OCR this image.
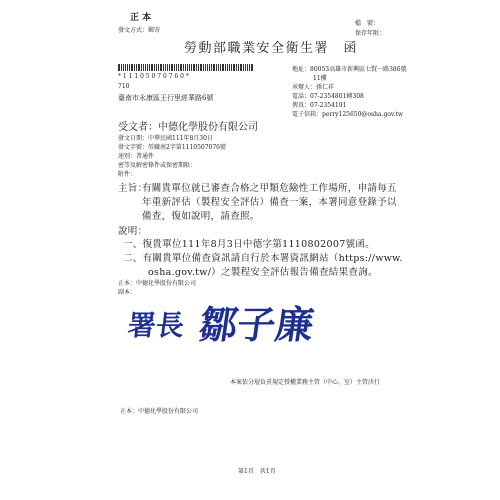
正 本
發文方式：郵寄
檔　號：
保存年限：
勞動部職業安全衛生署　函
* 1 1 1 0 5 0 7 0 7 6 0 *
710
臺南市永康區王行里經華路6號
地址：80053高雄市新興區七賢一路386號
11樓
承辦人：孫仁祥
電話：07-2354801轉308
傳真：07-2354191
電子信箱：perry125650@osha.gov.tw
受文者：中德化學股份有限公司
發文日期：中華民國111年8月30日
發文字號：勞職南2字第1110507076號
速別：普通件
密等及解密條件或保密期限：
附件：
主旨：
有關貴單位就已審查合格之甲類危險性工作場所，申請每五
年重新評估（製程安全評估）備查一案，本署同意登錄予以
備查，復如說明，請查照。
說明：
一、復貴單位111年8月3日中德字第1110802007號函。
二、有關貴單位備查資訊請自行於本署資訊網站（https://www.
osha.gov.tw/）之製程安全評估報告備查結果查詢。
正本：中德化學股份有限公司
副本：
署長 鄒子廉
本案依分層負責規定授權業務主管（中心、室）主管決行
正本：中德化學股份有限公司
第1頁　共1頁
